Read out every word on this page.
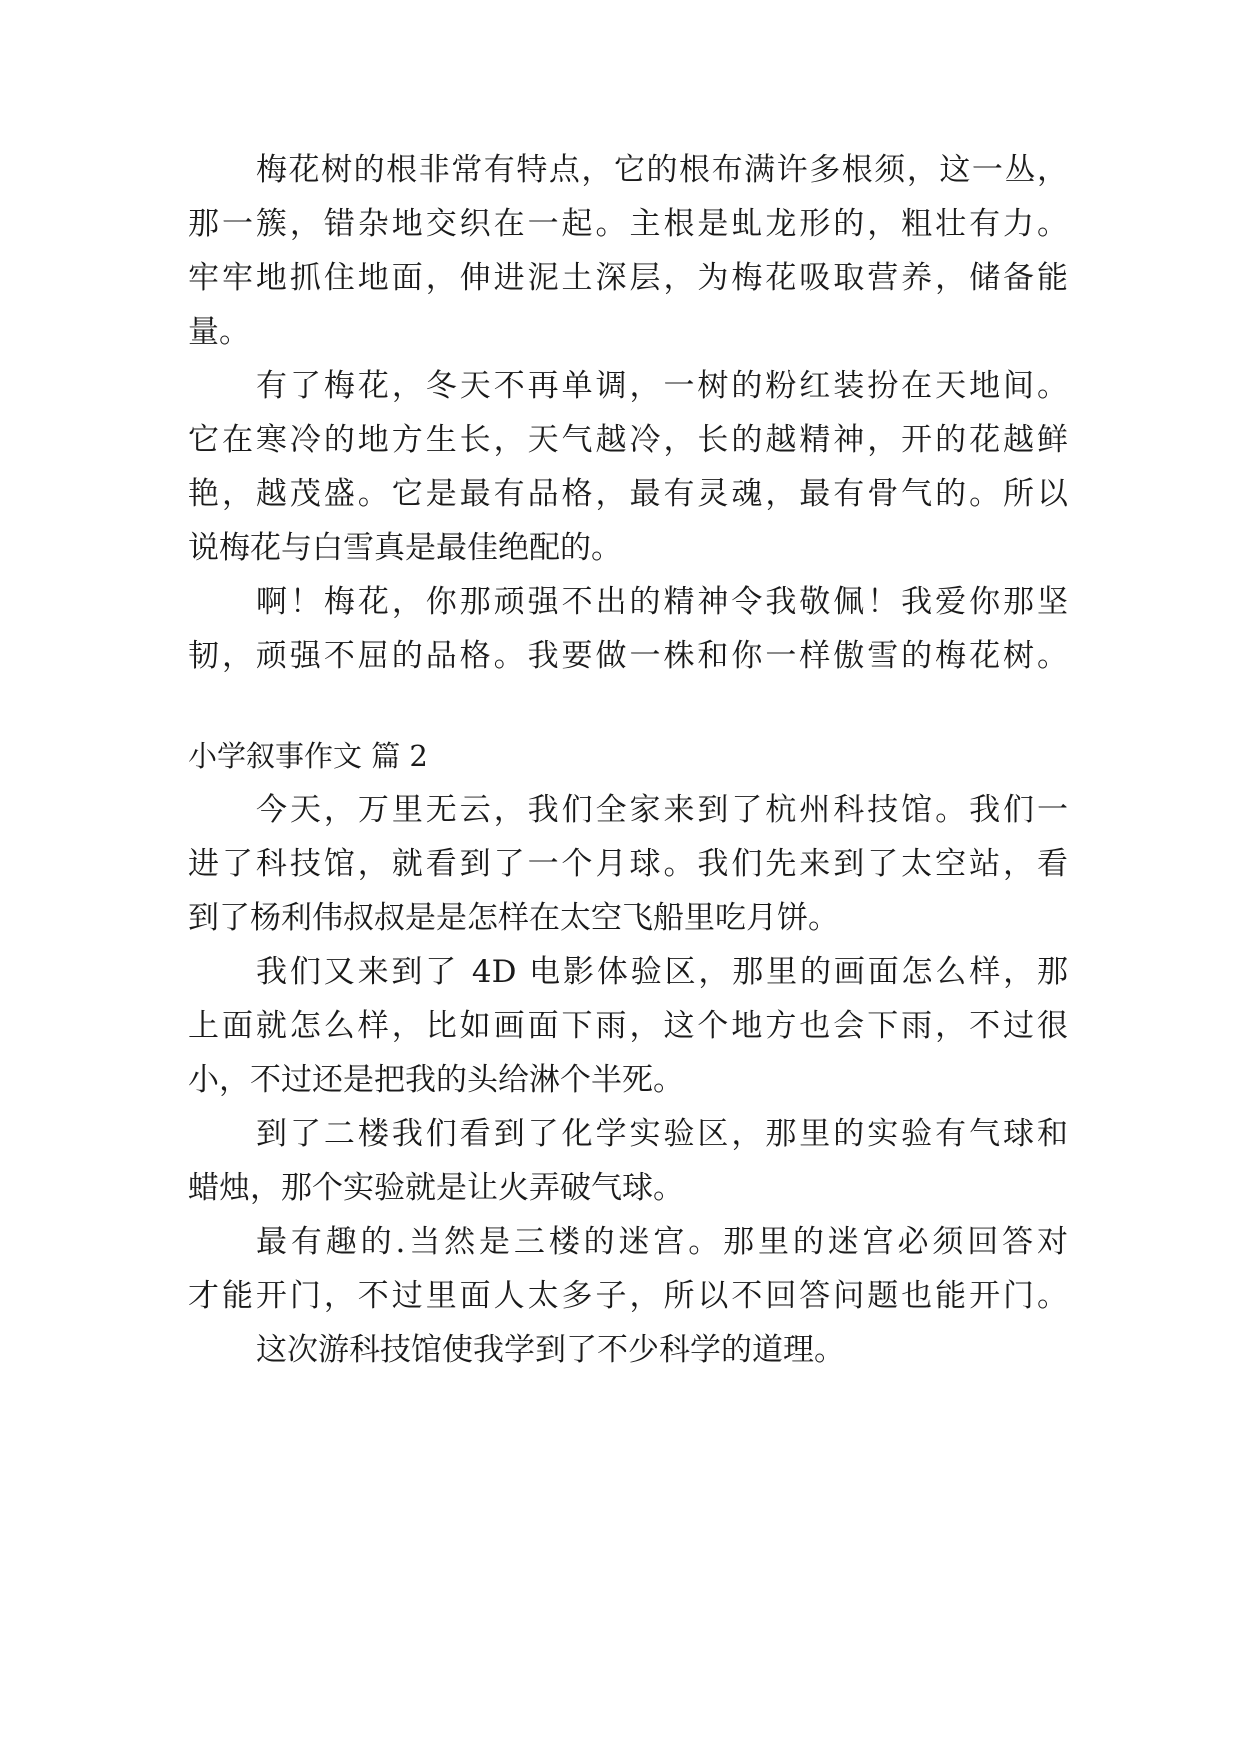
梅花树的根非常有特点，它的根布满许多根须，这一丛，
那一簇，错杂地交织在一起。主根是虬龙形的，粗壮有力。
牢牢地抓住地面，伸进泥土深层，为梅花吸取营养，储备能
量。
有了梅花，冬天不再单调，一树的粉红装扮在天地间。
它在寒冷的地方生长，天气越冷，长的越精神，开的花越鲜
艳，越茂盛。它是最有品格，最有灵魂，最有骨气的。所以
说梅花与白雪真是最佳绝配的。
啊！梅花，你那顽强不出的精神令我敬佩！我爱你那坚
韧，顽强不屈的品格。我要做一株和你一样傲雪的梅花树。
小学叙事作文 篇 2
今天，万里无云，我们全家来到了杭州科技馆。我们一
进了科技馆，就看到了一个月球。我们先来到了太空站，看
到了杨利伟叔叔是是怎样在太空飞船里吃月饼。
我们又来到了 4D 电影体验区，那里的画面怎么样，那
上面就怎么样，比如画面下雨，这个地方也会下雨，不过很
小，不过还是把我的头给淋个半死。
到了二楼我们看到了化学实验区，那里的实验有气球和
蜡烛，那个实验就是让火弄破气球。
最有趣的.当然是三楼的迷宫。那里的迷宫必须回答对
才能开门，不过里面人太多子，所以不回答问题也能开门。
这次游科技馆使我学到了不少科学的道理。
